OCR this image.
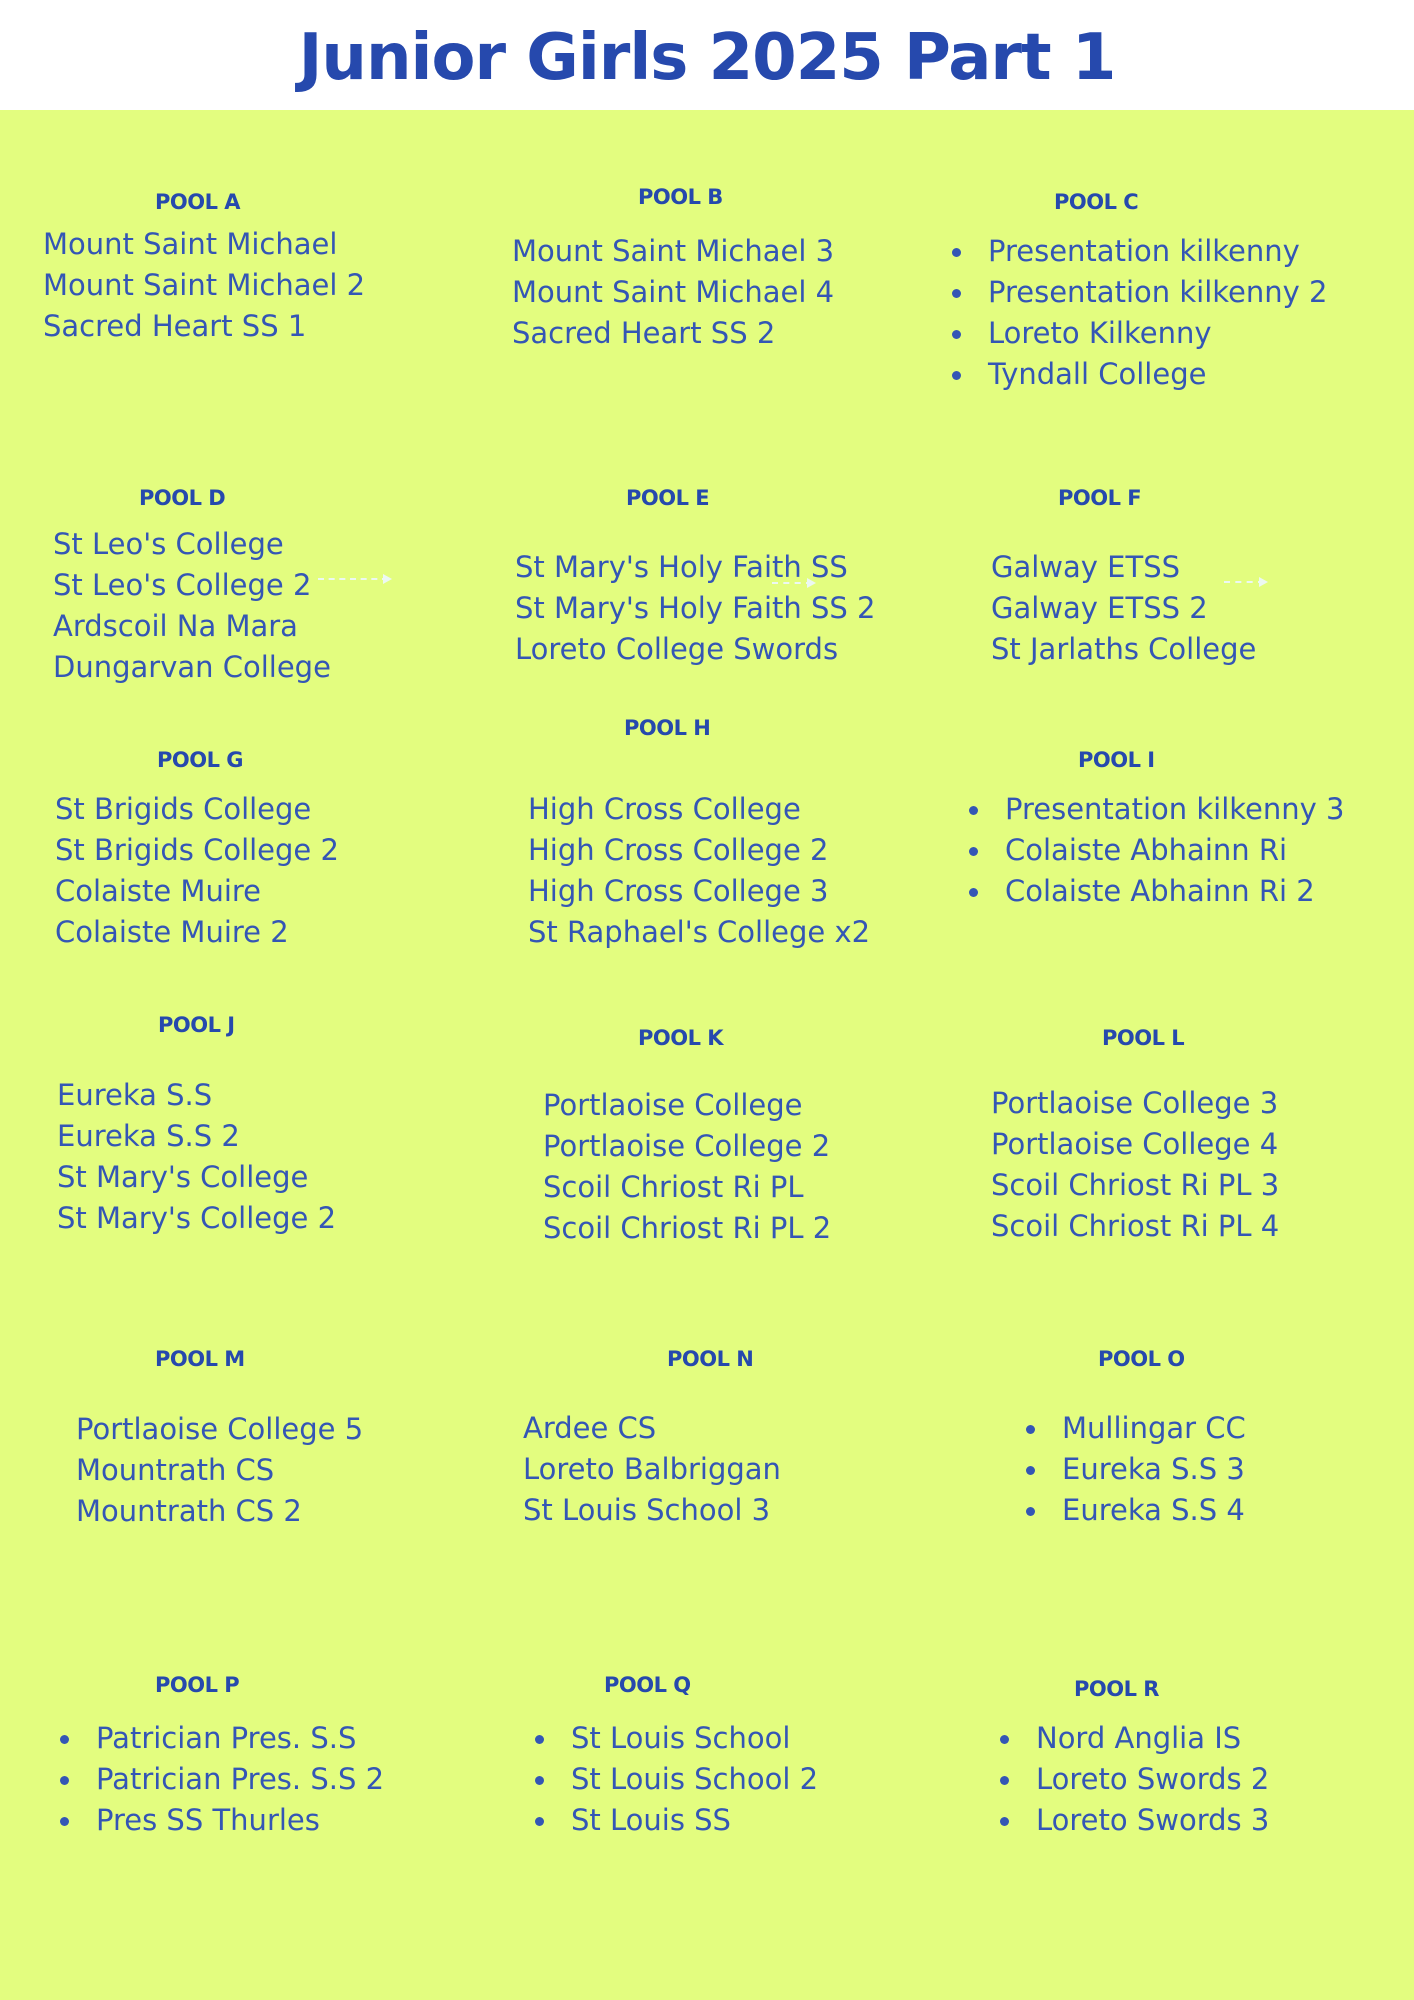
Junior Girls 2025 Part 1
POOL A
Mount Saint Michael
Mount Saint Michael 2
Sacred Heart SS 1
POOL B
Mount Saint Michael 3
Mount Saint Michael 4
Sacred Heart SS 2
POOL C
Presentation kilkenny
Presentation kilkenny 2
Loreto Kilkenny
Tyndall College
POOL D
St Leo's College
St Leo's College 2
Ardscoil Na Mara
Dungarvan College
POOL E
St Mary's Holy Faith SS
St Mary's Holy Faith SS 2
Loreto College Swords
POOL F
Galway ETSS
Galway ETSS 2
St Jarlaths College
POOL G
St Brigids College
St Brigids College 2
Colaiste Muire
Colaiste Muire 2
POOL H
High Cross College
High Cross College 2
High Cross College 3
St Raphael's College x2
POOL I
Presentation kilkenny 3
Colaiste Abhainn Ri
Colaiste Abhainn Ri 2
POOL J
Eureka S.S
Eureka S.S 2
St Mary's College
St Mary's College 2
POOL K
Portlaoise College
Portlaoise College 2
Scoil Chriost Ri PL
Scoil Chriost Ri PL 2
POOL L
Portlaoise College 3
Portlaoise College 4
Scoil Chriost Ri PL 3
Scoil Chriost Ri PL 4
POOL M
Portlaoise College 5
Mountrath CS
Mountrath CS 2
POOL N
Ardee CS
Loreto Balbriggan
St Louis School 3
POOL O
Mullingar CC
Eureka S.S 3
Eureka S.S 4
POOL P
Patrician Pres. S.S
Patrician Pres. S.S 2
Pres SS Thurles
POOL Q
St Louis School
St Louis School 2
St Louis SS
POOL R
Nord Anglia IS
Loreto Swords 2
Loreto Swords 3
